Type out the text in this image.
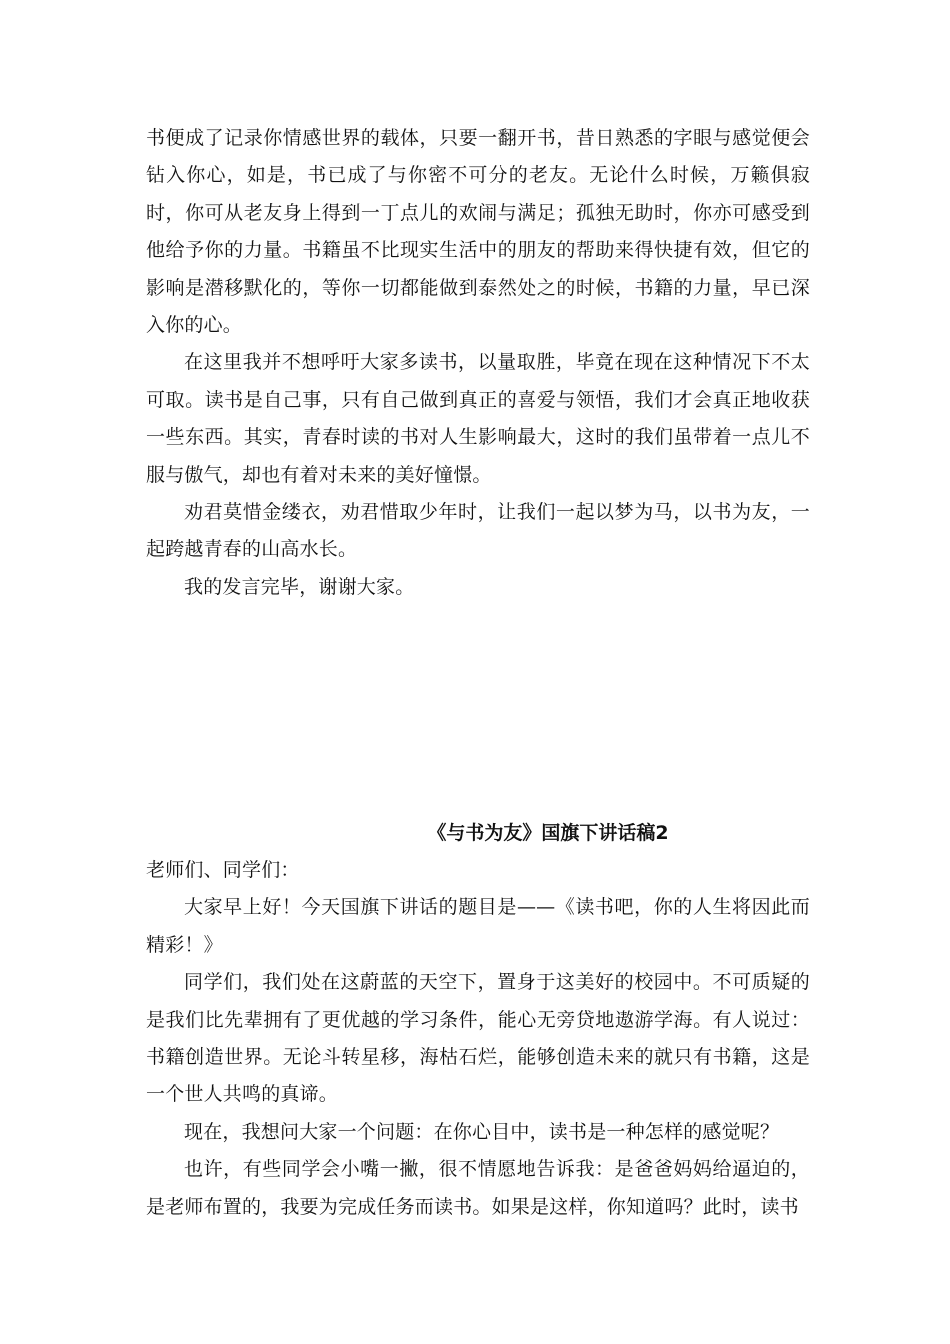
书便成了记录你情感世界的载体，只要一翻开书，昔日熟悉的字眼与感觉便会钻入你心，如是，书已成了与你密不可分的老友。无论什么时候，万籁俱寂时，你可从老友身上得到一丁点儿的欢闹与满足；孤独无助时，你亦可感受到他给予你的力量。书籍虽不比现实生活中的朋友的帮助来得快捷有效，但它的影响是潜移默化的，等你一切都能做到泰然处之的时候，书籍的力量，早已深入你的心。

在这里我并不想呼吁大家多读书，以量取胜，毕竟在现在这种情况下不太可取。读书是自己事，只有自己做到真正的喜爱与领悟，我们才会真正地收获一些东西。其实，青春时读的书对人生影响最大，这时的我们虽带着一点儿不服与傲气，却也有着对未来的美好憧憬。

劝君莫惜金缕衣，劝君惜取少年时，让我们一起以梦为马，以书为友，一起跨越青春的山高水长。

我的发言完毕，谢谢大家。

《与书为友》国旗下讲话稿2

老师们、同学们：

大家早上好！今天国旗下讲话的题目是——《读书吧，你的人生将因此而精彩！》

同学们，我们处在这蔚蓝的天空下，置身于这美好的校园中。不可质疑的是我们比先辈拥有了更优越的学习条件，能心无旁贷地遨游学海。有人说过：书籍创造世界。无论斗转星移，海枯石烂，能够创造未来的就只有书籍，这是一个世人共鸣的真谛。

现在，我想问大家一个问题：在你心目中，读书是一种怎样的感觉呢？

也许，有些同学会小嘴一撇，很不情愿地告诉我：是爸爸妈妈给逼迫的，是老师布置的，我要为完成任务而读书。如果是这样，你知道吗？此时，读书
